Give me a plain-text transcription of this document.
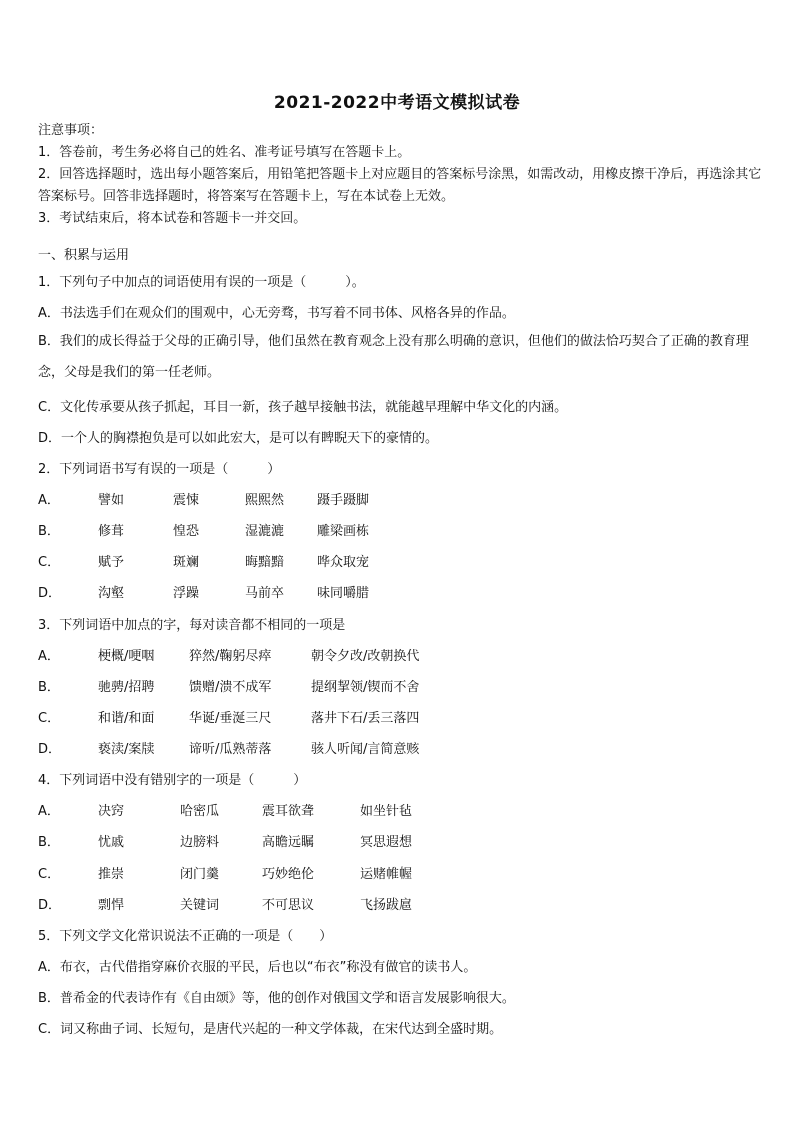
2021-2022中考语文模拟试卷
注意事项：
1．答卷前，考生务必将自己的姓名、准考证号填写在答题卡上。
2．回答选择题时，选出每小题答案后，用铅笔把答题卡上对应题目的答案标号涂黑，如需改动，用橡皮擦干净后，再选涂其它答案标号。回答非选择题时，将答案写在答题卡上，写在本试卷上无效。
3．考试结束后，将本试卷和答题卡一并交回。
一、积累与运用
1．下列句子中加点的词语使用有误的一项是（　　　）。
A．书法选手们在观众们的围观中，心无旁骛，书写着不同书体、风格各异的作品。
B．我们的成长得益于父母的正确引导，他们虽然在教育观念上没有那么明确的意识，但他们的做法恰巧契合了正确的教育理念，父母是我们的第一任老师。
C．文化传承要从孩子抓起，耳目一新，孩子越早接触书法，就能越早理解中华文化的内涵。
D．一个人的胸襟抱负是可以如此宏大，是可以有睥睨天下的豪情的。
2．下列词语书写有误的一项是（　　　）
A．	譬如	震悚	熙熙然	蹑手蹑脚
B．	修葺	惶恐	湿漉漉	雕梁画栋
C．	赋予	斑斓	晦黯黯	哗众取宠
D．	沟壑	浮躁	马前卒	味同嚼腊
3．下列词语中加点的字，每对读音都不相同的一项是
A．	梗概/哽咽	猝然/鞠躬尽瘁	朝令夕改/改朝换代
B．	驰骋/招聘	馈赠/溃不成军	提纲挈领/锲而不舍
C．	和谐/和面	华诞/垂涎三尺	落井下石/丢三落四
D．	亵渎/案牍	谛听/瓜熟蒂落	骇人听闻/言简意赅
4．下列词语中没有错别字的一项是（　　　）
A．	决窍	哈密瓜	震耳欲聋	如坐针毡
B．	忧戚	边膀料	高瞻远瞩	冥思遐想
C．	推崇	闭门羹	巧妙绝伦	运赌帷幄
D．	剽悍	关键词	不可思议	飞扬跋扈
5．下列文学文化常识说法不正确的一项是（　　）
A．布衣，古代借指穿麻价衣服的平民，后也以“布衣”称没有做官的读书人。
B．普希金的代表诗作有《自由颂》等，他的创作对俄国文学和语言发展影响很大。
C．词又称曲子词、长短句，是唐代兴起的一种文学体裁，在宋代达到全盛时期。
